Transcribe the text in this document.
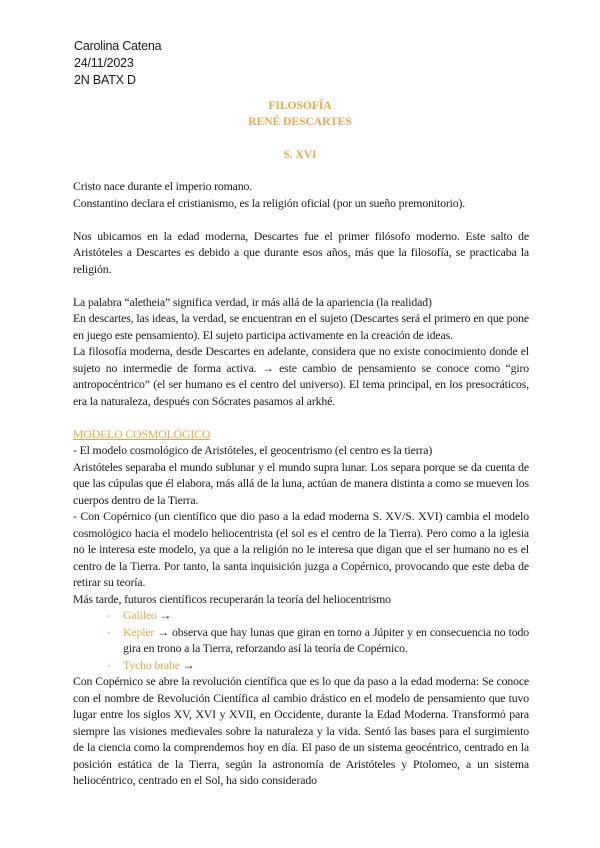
Carolina Catena
24/11/2023
2N BATX D
FILOSOFÍA
RENÉ DESCARTES
S. XVI

Cristo nace durante el imperio romano.

Constantino declara el cristianismo, es la religión oficial (por un sueño premonitorio).

Nos ubicamos en la edad moderna, Descartes fue el primer filósofo moderno. Este salto de Aristóteles a Descartes es debido a que durante esos años, más que la filosofía, se practicaba la religión.

La palabra “aletheia” significa verdad, ir más allá de la apariencia (la realidad)

En descartes, las ideas, la verdad, se encuentran en el sujeto (Descartes será el primero en que pone en juego este pensamiento). El sujeto participa activamente en la creación de ideas.

La filosofía moderna, desde Descartes en adelante, considera que no existe conocimiento donde el sujeto no intermedie de forma activa. → este cambio de pensamiento se conoce como “giro antropocéntrico” (el ser humano es el centro del universo). El tema principal, en los presocráticos, era la naturaleza, después con Sócrates pasamos al arkhé.

MODELO COSMOLÓGICO

- El modelo cosmológico de Aristóteles, el geocentrismo (el centro es la tierra)

Aristóteles separaba el mundo sublunar y el mundo supra lunar. Los separa porque se da cuenta de que las cúpulas que él elabora, más allá de la luna, actúan de manera distinta a como se mueven los cuerpos dentro de la Tierra.

- Con Copérnico (un científico que dio paso a la edad moderna S. XV/S. XVI) cambia el modelo cosmológico hacia el modelo heliocentrista (el sol es el centro de la Tierra). Pero como a la iglesia no le interesa este modelo, ya que a la religión no le interesa que digan que el ser humano no es el centro de la Tierra. Por tanto, la santa inquisición juzga a Copérnico, provocando que este deba de retirar su teoría.

Más tarde, futuros científicos recuperarán la teoría del heliocentrismo

- Galileo →
- Kepler → observa que hay lunas que giran en torno a Júpiter y en consecuencia no todo gira en trono a la Tierra, reforzando así la teoría de Copérnico.
- Tycho brahe →

Con Copérnico se abre la revolución científica que es lo que da paso a la edad moderna: Se conoce con el nombre de Revolución Científica al cambio drástico en el modelo de pensamiento que tuvo lugar entre los siglos XV, XVI y XVII, en Occidente, durante la Edad Moderna. Transformó para siempre las visiones medievales sobre la naturaleza y la vida. Sentó las bases para el surgimiento de la ciencia como la comprendemos hoy en día. El paso de un sistema geocéntrico, centrado en la posición estática de la Tierra, según la astronomía de Aristóteles y Ptolomeo, a un sistema heliocéntrico, centrado en el Sol, ha sido considerado
